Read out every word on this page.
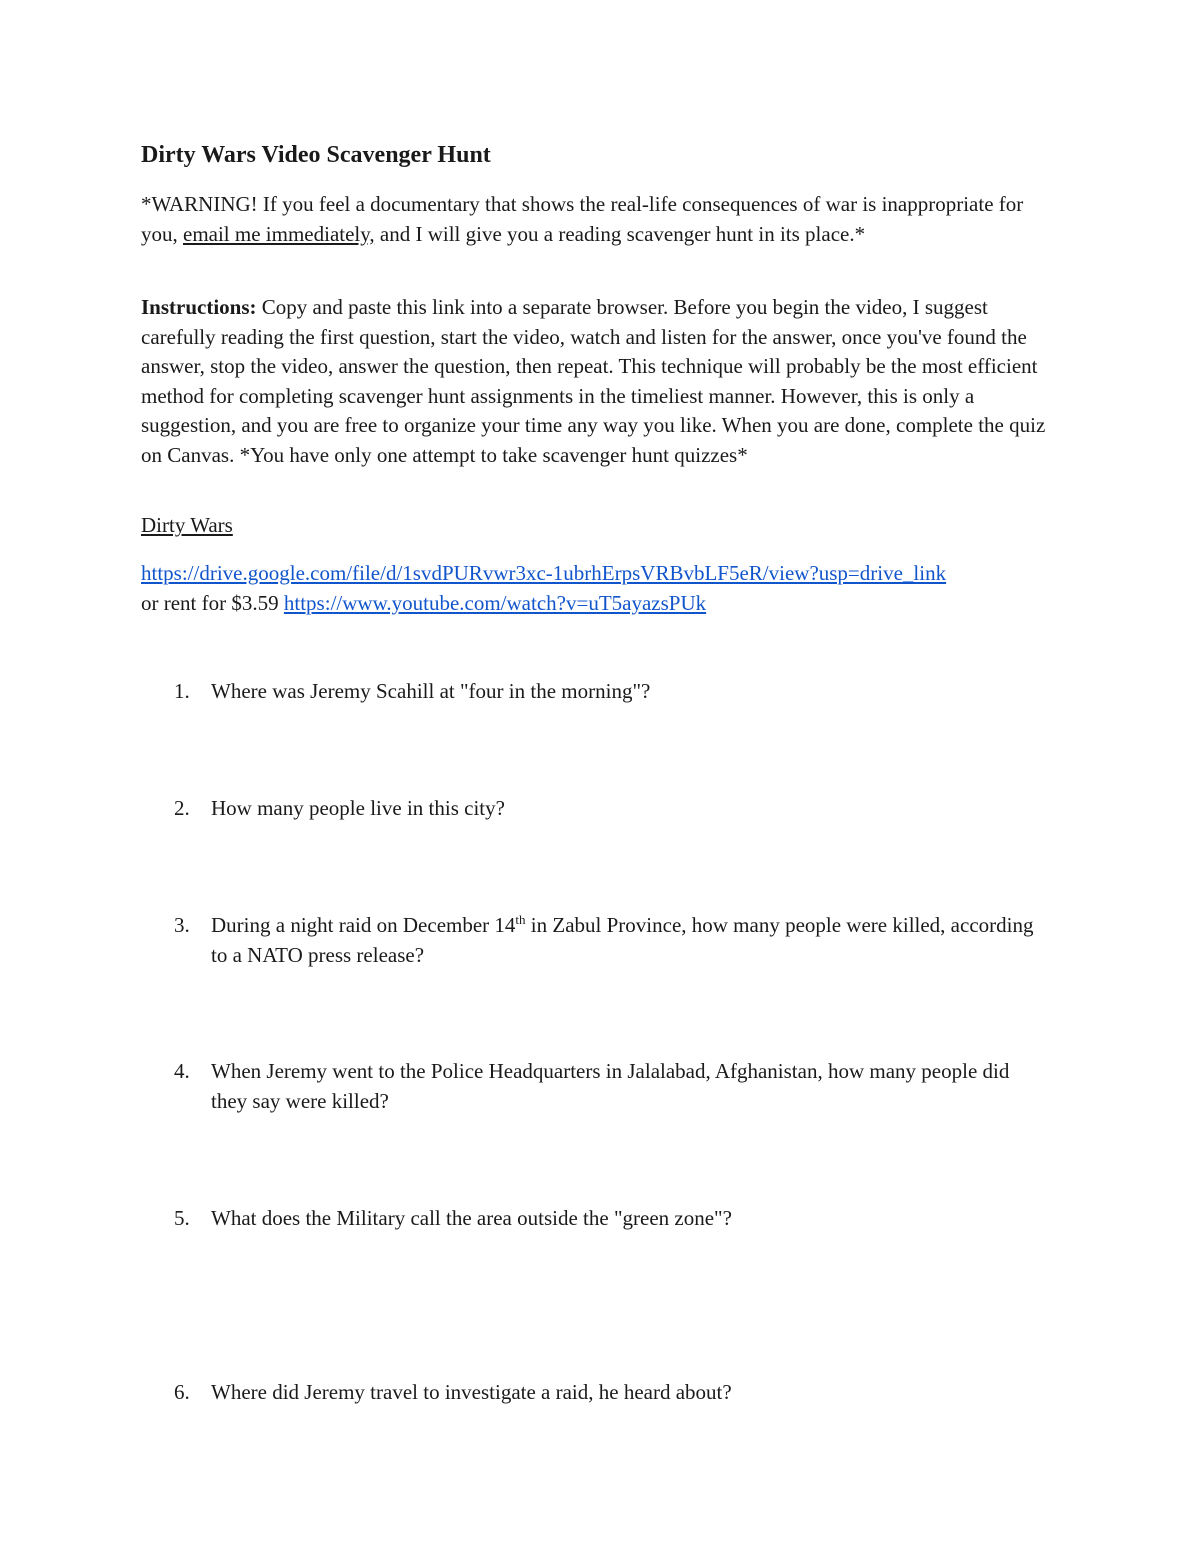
Dirty Wars Video Scavenger Hunt

*WARNING! If you feel a documentary that shows the real-life consequences of war is inappropriate for you, email me immediately, and I will give you a reading scavenger hunt in its place.*

Instructions: Copy and paste this link into a separate browser. Before you begin the video, I suggest carefully reading the first question, start the video, watch and listen for the answer, once you've found the answer, stop the video, answer the question, then repeat. This technique will probably be the most efficient method for completing scavenger hunt assignments in the timeliest manner. However, this is only a suggestion, and you are free to organize your time any way you like. When you are done, complete the quiz on Canvas. *You have only one attempt to take scavenger hunt quizzes*

Dirty Wars

https://drive.google.com/file/d/1svdPURvwr3xc-1ubrhErpsVRBvbLF5eR/view?usp=drive_link
or rent for $3.59 https://www.youtube.com/watch?v=uT5ayazsPUk

1. Where was Jeremy Scahill at "four in the morning"?
2. How many people live in this city?
3. During a night raid on December 14th in Zabul Province, how many people were killed, according to a NATO press release?
4. When Jeremy went to the Police Headquarters in Jalalabad, Afghanistan, how many people did they say were killed?
5. What does the Military call the area outside the "green zone"?
6. Where did Jeremy travel to investigate a raid, he heard about?
